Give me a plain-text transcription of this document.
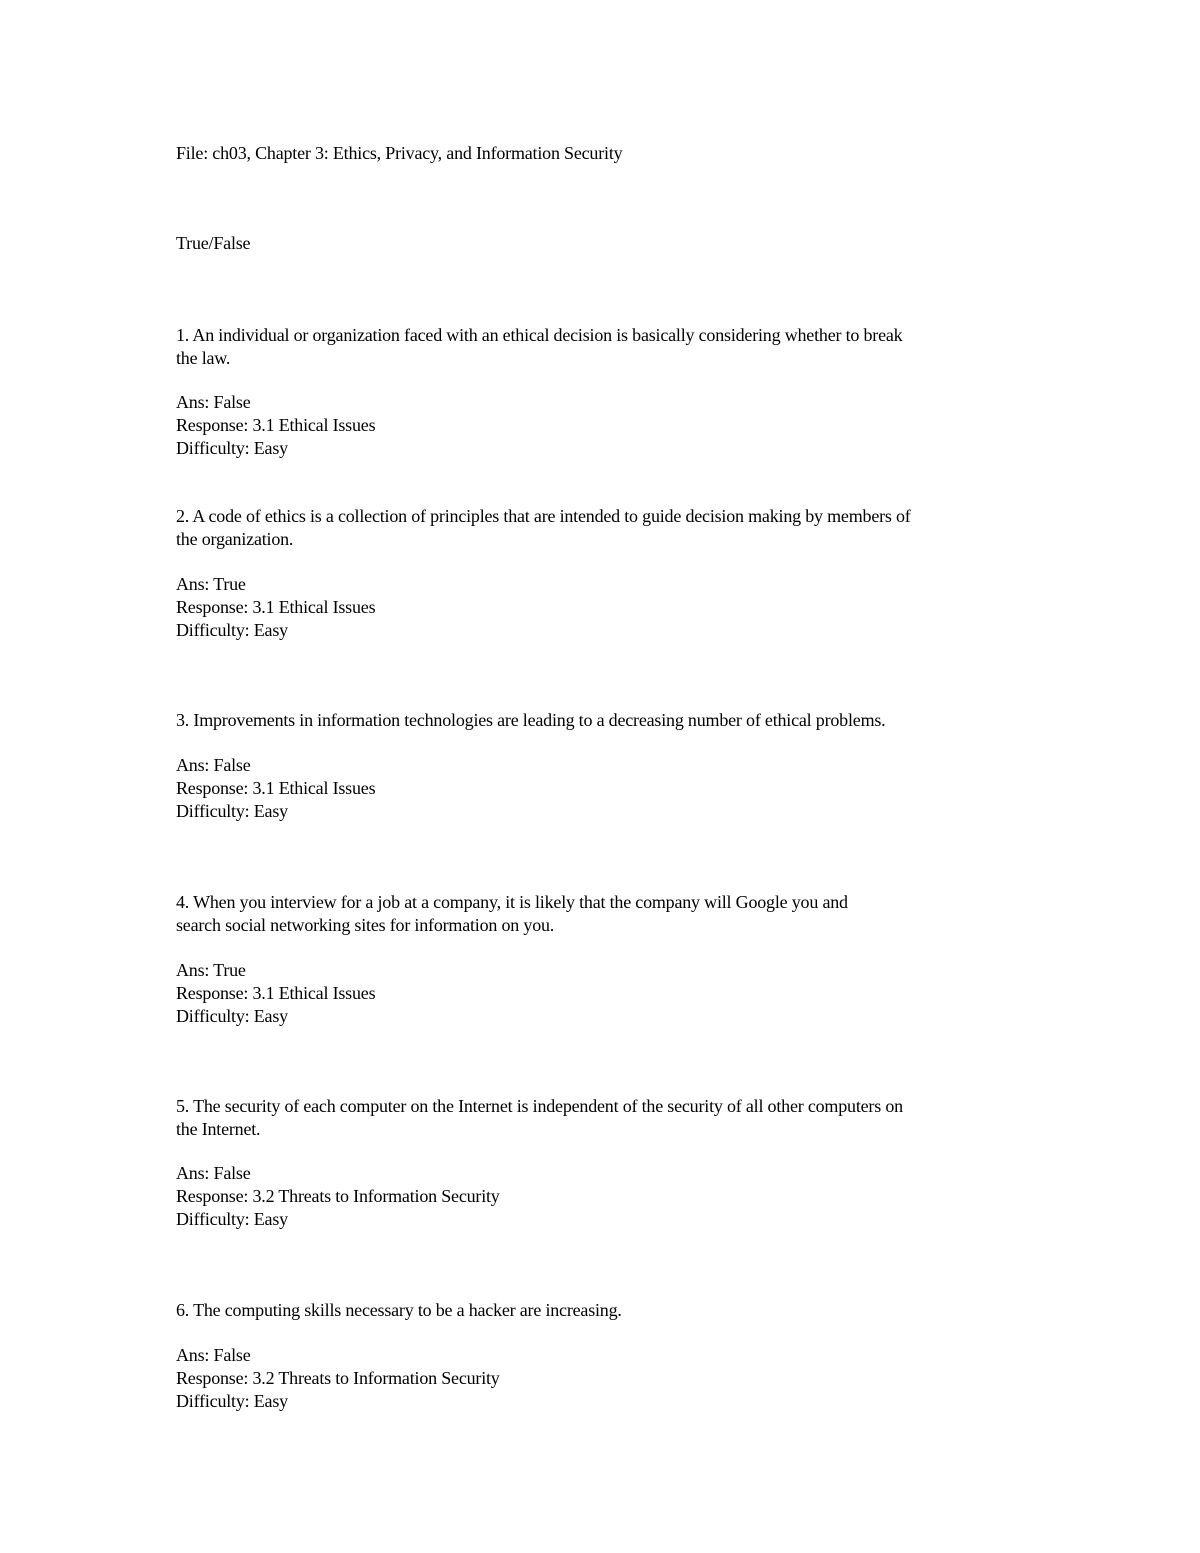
File: ch03, Chapter 3: Ethics, Privacy, and Information Security
True/False
1. An individual or organization faced with an ethical decision is basically considering whether to break
the law.
Ans: False
Response: 3.1 Ethical Issues
Difficulty: Easy
2. A code of ethics is a collection of principles that are intended to guide decision making by members of
the organization.
Ans: True
Response: 3.1 Ethical Issues
Difficulty: Easy
3. Improvements in information technologies are leading to a decreasing number of ethical problems.
Ans: False
Response: 3.1 Ethical Issues
Difficulty: Easy
4. When you interview for a job at a company, it is likely that the company will Google you and
search social networking sites for information on you.
Ans: True
Response: 3.1 Ethical Issues
Difficulty: Easy
5. The security of each computer on the Internet is independent of the security of all other computers on
the Internet.
Ans: False
Response: 3.2 Threats to Information Security
Difficulty: Easy
6. The computing skills necessary to be a hacker are increasing.
Ans: False
Response: 3.2 Threats to Information Security
Difficulty: Easy
